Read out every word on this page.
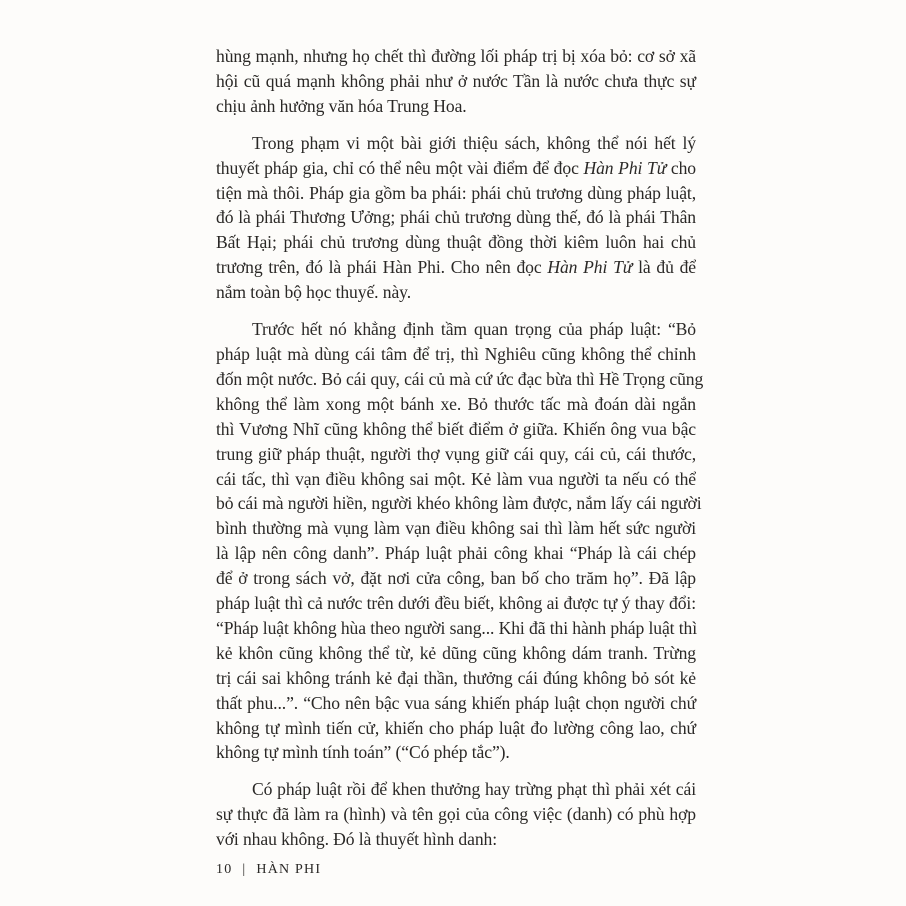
hùng mạnh, nhưng họ chết thì đường lối pháp trị bị xóa bỏ: cơ sở xã
hội cũ quá mạnh không phải như ở nước Tần là nước chưa thực sự
chịu ảnh hưởng văn hóa Trung Hoa.
Trong phạm vi một bài giới thiệu sách, không thể nói hết lý
thuyết pháp gia, chỉ có thể nêu một vài điểm để đọc Hàn Phi Tử cho
tiện mà thôi. Pháp gia gồm ba phái: phái chủ trương dùng pháp luật,
đó là phái Thương Ưởng; phái chủ trương dùng thế, đó là phái Thân
Bất Hại; phái chủ trương dùng thuật đồng thời kiêm luôn hai chủ
trương trên, đó là phái Hàn Phi. Cho nên đọc Hàn Phi Tử là đủ để
nắm toàn bộ học thuyế. này.
Trước hết nó khẳng định tầm quan trọng của pháp luật: “Bỏ
pháp luật mà dùng cái tâm để trị, thì Nghiêu cũng không thể chỉnh
đốn một nước. Bỏ cái quy, cái củ mà cứ ức đạc bừa thì Hề Trọng cũng
không thể làm xong một bánh xe. Bỏ thước tấc mà đoán dài ngắn
thì Vương Nhĩ cũng không thể biết điểm ở giữa. Khiến ông vua bậc
trung giữ pháp thuật, người thợ vụng giữ cái quy, cái củ, cái thước,
cái tấc, thì vạn điều không sai một. Kẻ làm vua người ta nếu có thể
bỏ cái mà người hiền, người khéo không làm được, nắm lấy cái người
bình thường mà vụng làm vạn điều không sai thì làm hết sức người
là lập nên công danh”. Pháp luật phải công khai “Pháp là cái chép
để ở trong sách vở, đặt nơi cửa công, ban bố cho trăm họ”. Đã lập
pháp luật thì cả nước trên dưới đều biết, không ai được tự ý thay đổi:
“Pháp luật không hùa theo người sang... Khi đã thi hành pháp luật thì
kẻ khôn cũng không thể từ, kẻ dũng cũng không dám tranh. Trừng
trị cái sai không tránh kẻ đại thần, thưởng cái đúng không bỏ sót kẻ
thất phu...”. “Cho nên bậc vua sáng khiến pháp luật chọn người chứ
không tự mình tiến cử, khiến cho pháp luật đo lường công lao, chứ
không tự mình tính toán” (“Có phép tắc”).
Có pháp luật rồi để khen thưởng hay trừng phạt thì phải xét cái
sự thực đã làm ra (hình) và tên gọi của công việc (danh) có phù hợp
với nhau không. Đó là thuyết hình danh:
10 | HÀN PHI
